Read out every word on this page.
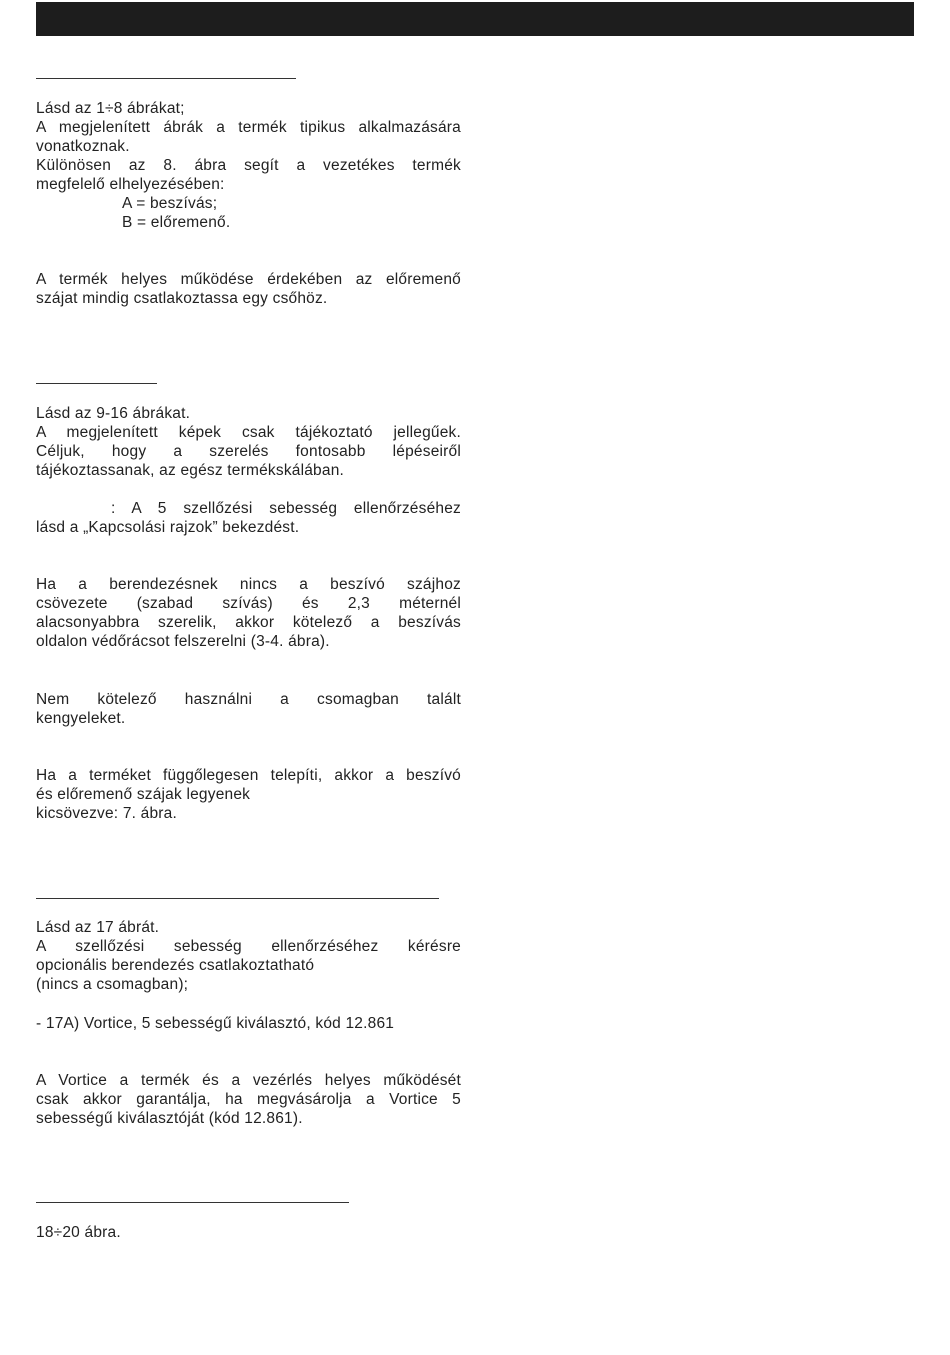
Lásd az 1÷8 ábrákat;
A megjelenített ábrák a termék tipikus alkalmazására
vonatkoznak.
Különösen az 8. ábra segít a vezetékes termék
megfelelő elhelyezésében:
A = beszívás;
B = előremenő.
A termék helyes működése érdekében az előremenő
szájat mindig csatlakoztassa egy csőhöz.
Lásd az 9-16 ábrákat.
A megjelenített képek csak tájékoztató jellegűek.
Céljuk, hogy a szerelés fontosabb lépéseiről
tájékoztassanak, az egész termékskálában.
: A 5 szellőzési sebesség ellenőrzéséhez
lásd a „Kapcsolási rajzok” bekezdést.
Ha a berendezésnek nincs a beszívó szájhoz
csövezete (szabad szívás) és 2,3 méternél
alacsonyabbra szerelik, akkor kötelező a beszívás
oldalon védőrácsot felszerelni (3-4. ábra).
Nem kötelező használni a csomagban talált
kengyeleket.
Ha a terméket függőlegesen telepíti, akkor a beszívó
és előremenő szájak legyenek
kicsövezve: 7. ábra.
Lásd az 17 ábrát.
A szellőzési sebesség ellenőrzéséhez kérésre
opcionális berendezés csatlakoztatható
(nincs a csomagban);
- 17A) Vortice, 5 sebességű kiválasztó, kód 12.861
A Vortice a termék és a vezérlés helyes működését
csak akkor garantálja, ha megvásárolja a Vortice 5
sebességű kiválasztóját (kód 12.861).
18÷20 ábra.
